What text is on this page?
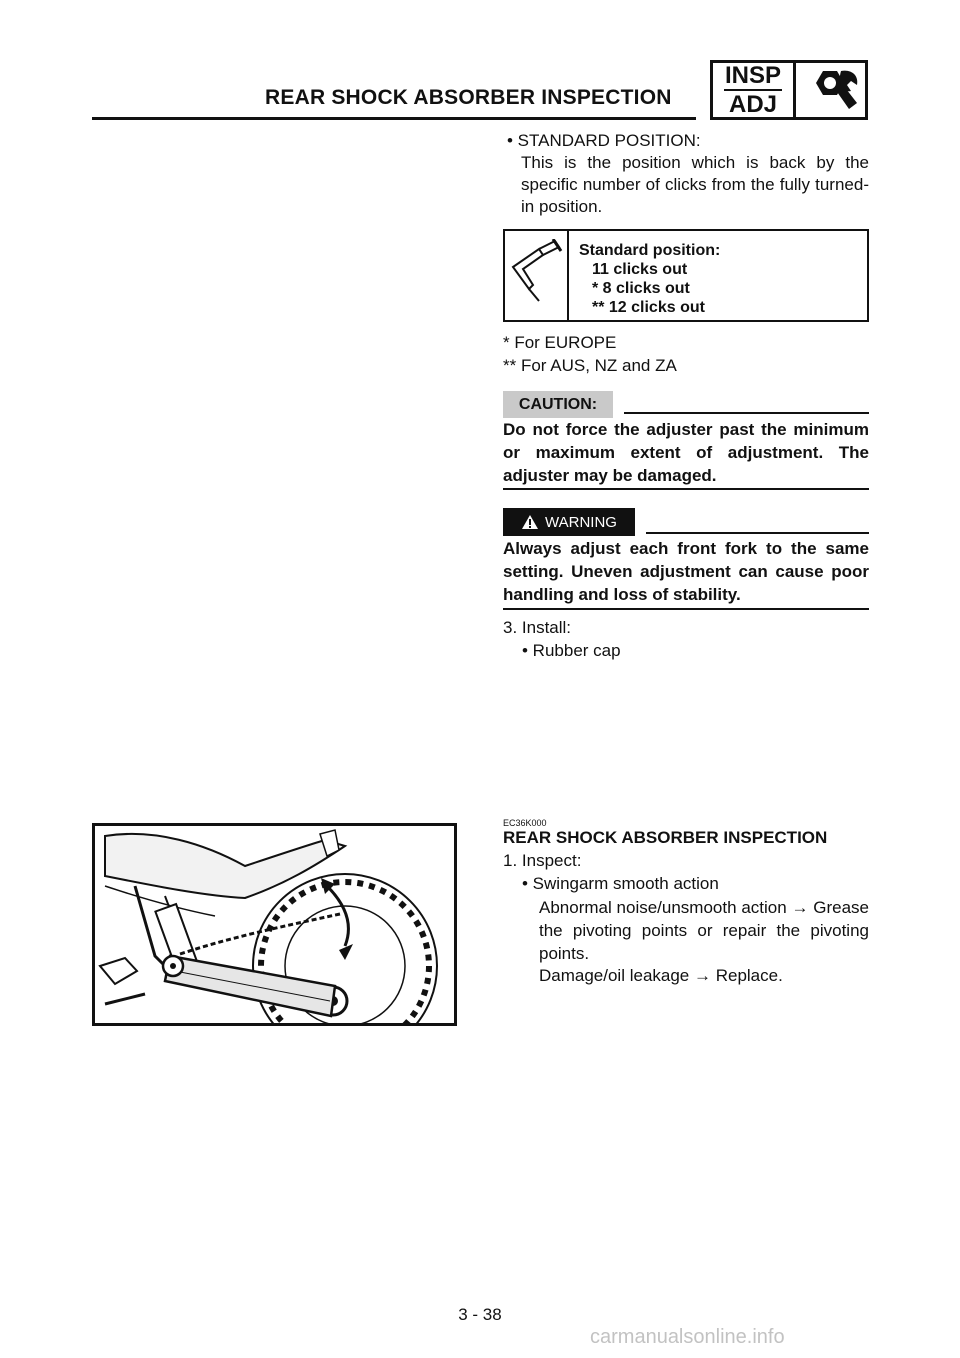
REAR SHOCK ABSORBER INSPECTION
INSP
ADJ
• STANDARD POSITION:
This is the position which is back by the specific number of clicks from the fully turned-in position.
Standard position:
11 clicks out
* 8 clicks out
** 12 clicks out
* For EUROPE
** For AUS, NZ and ZA
CAUTION:
Do not force the adjuster past the minimum or maximum extent of adjustment. The adjuster may be damaged.
WARNING
Always adjust each front fork to the same setting. Uneven adjustment can cause poor handling and loss of stability.
3. Install:
• Rubber cap
EC36K000
REAR SHOCK ABSORBER INSPECTION
1. Inspect:
• Swingarm smooth action
Abnormal noise/unsmooth action → Grease the pivoting points or repair the pivoting points.
Damage/oil leakage → Replace.
3 - 38
carmanualsonline.info
